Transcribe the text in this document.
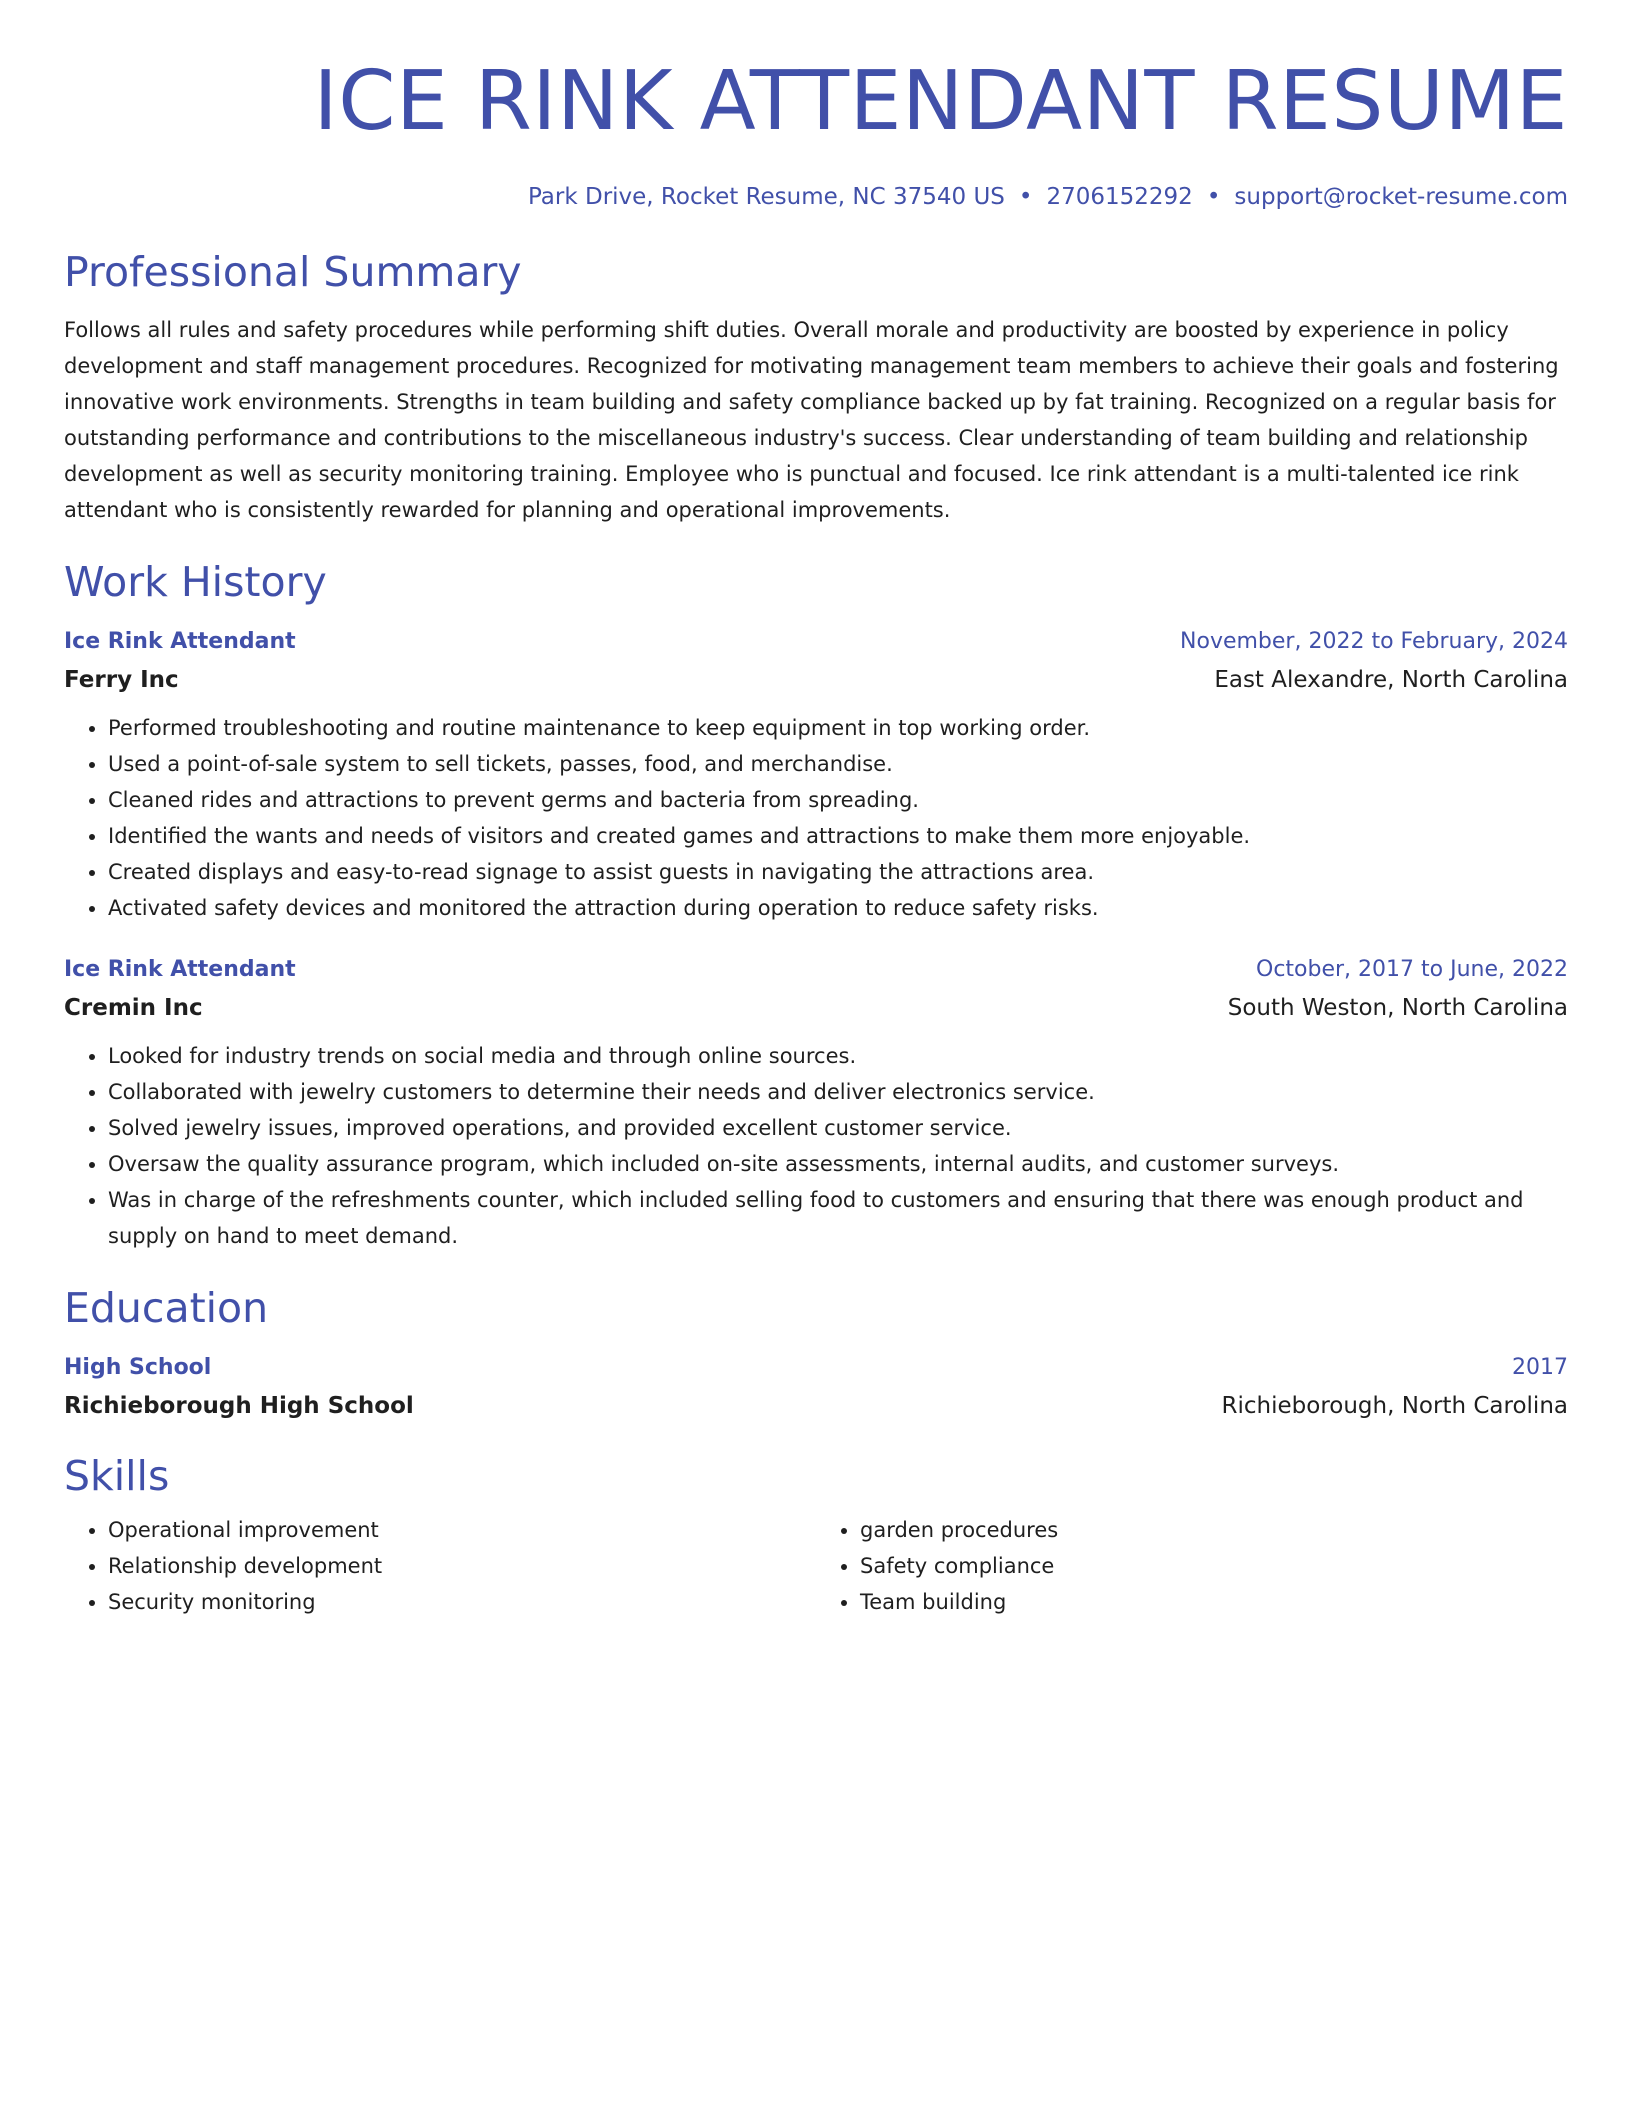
ICE RINK ATTENDANT RESUME
Park Drive, Rocket Resume, NC 37540 US • 2706152292 • support@rocket-resume.com
Professional Summary
Follows all rules and safety procedures while performing shift duties. Overall morale and productivity are boosted by experience in policy development and staff management procedures. Recognized for motivating management team members to achieve their goals and fostering innovative work environments. Strengths in team building and safety compliance backed up by fat training. Recognized on a regular basis for outstanding performance and contributions to the miscellaneous industry's success. Clear understanding of team building and relationship development as well as security monitoring training. Employee who is punctual and focused. Ice rink attendant is a multi-talented ice rink attendant who is consistently rewarded for planning and operational improvements.
Work History
Ice Rink Attendant	November, 2022 to February, 2024
Ferry Inc	East Alexandre, North Carolina
• Performed troubleshooting and routine maintenance to keep equipment in top working order.
• Used a point-of-sale system to sell tickets, passes, food, and merchandise.
• Cleaned rides and attractions to prevent germs and bacteria from spreading.
• Identified the wants and needs of visitors and created games and attractions to make them more enjoyable.
• Created displays and easy-to-read signage to assist guests in navigating the attractions area.
• Activated safety devices and monitored the attraction during operation to reduce safety risks.
Ice Rink Attendant	October, 2017 to June, 2022
Cremin Inc	South Weston, North Carolina
• Looked for industry trends on social media and through online sources.
• Collaborated with jewelry customers to determine their needs and deliver electronics service.
• Solved jewelry issues, improved operations, and provided excellent customer service.
• Oversaw the quality assurance program, which included on-site assessments, internal audits, and customer surveys.
• Was in charge of the refreshments counter, which included selling food to customers and ensuring that there was enough product and supply on hand to meet demand.
Education
High School	2017
Richieborough High School	Richieborough, North Carolina
Skills
• Operational improvement
• Relationship development
• Security monitoring
• garden procedures
• Safety compliance
• Team building
